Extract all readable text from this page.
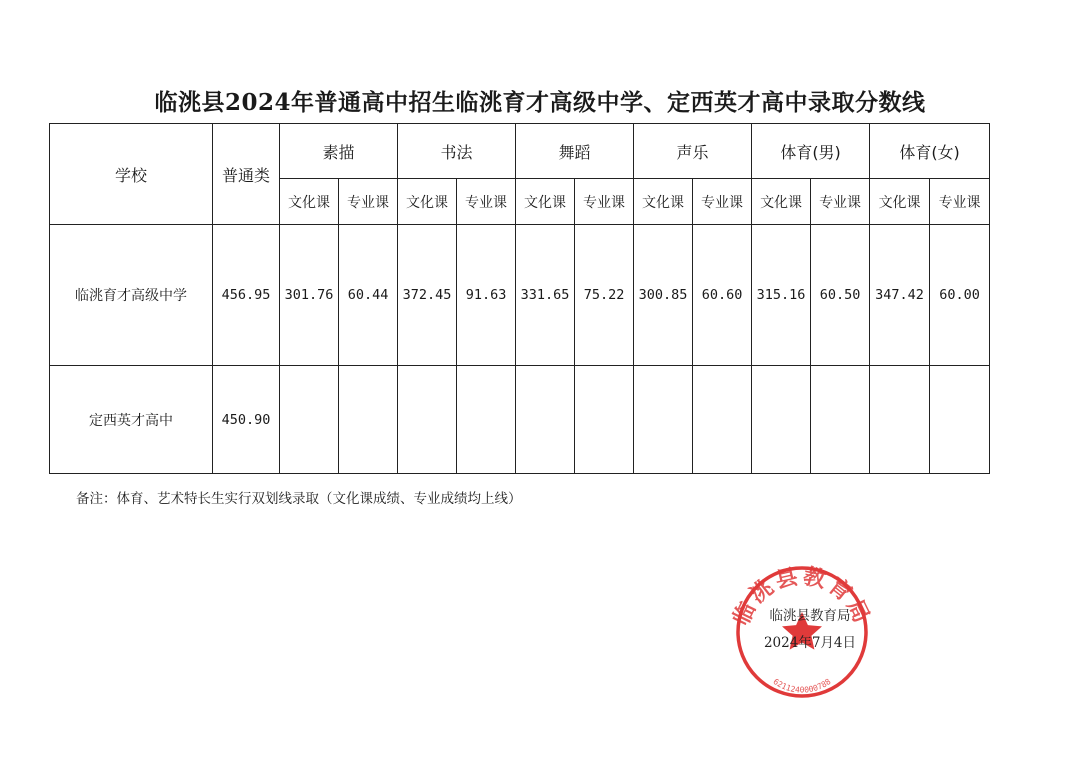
临洮县2024年普通高中招生临洮育才高级中学、定西英才高中录取分数线
学校	普通类	素描		书法		舞蹈		声乐		体育(男)		体育(女)	
		文化课	专业课	文化课	专业课	文化课	专业课	文化课	专业课	文化课	专业课	文化课	专业课
临洮育才高级中学	456.95	301.76	60.44	372.45	91.63	331.65	75.22	300.85	60.60	315.16	60.50	347.42	60.00
定西英才高中	450.90												
备注：体育、艺术特长生实行双划线录取（文化课成绩、专业成绩均上线）
临洮县教育局
6211240000788
临洮县教育局
2024年7月4日
